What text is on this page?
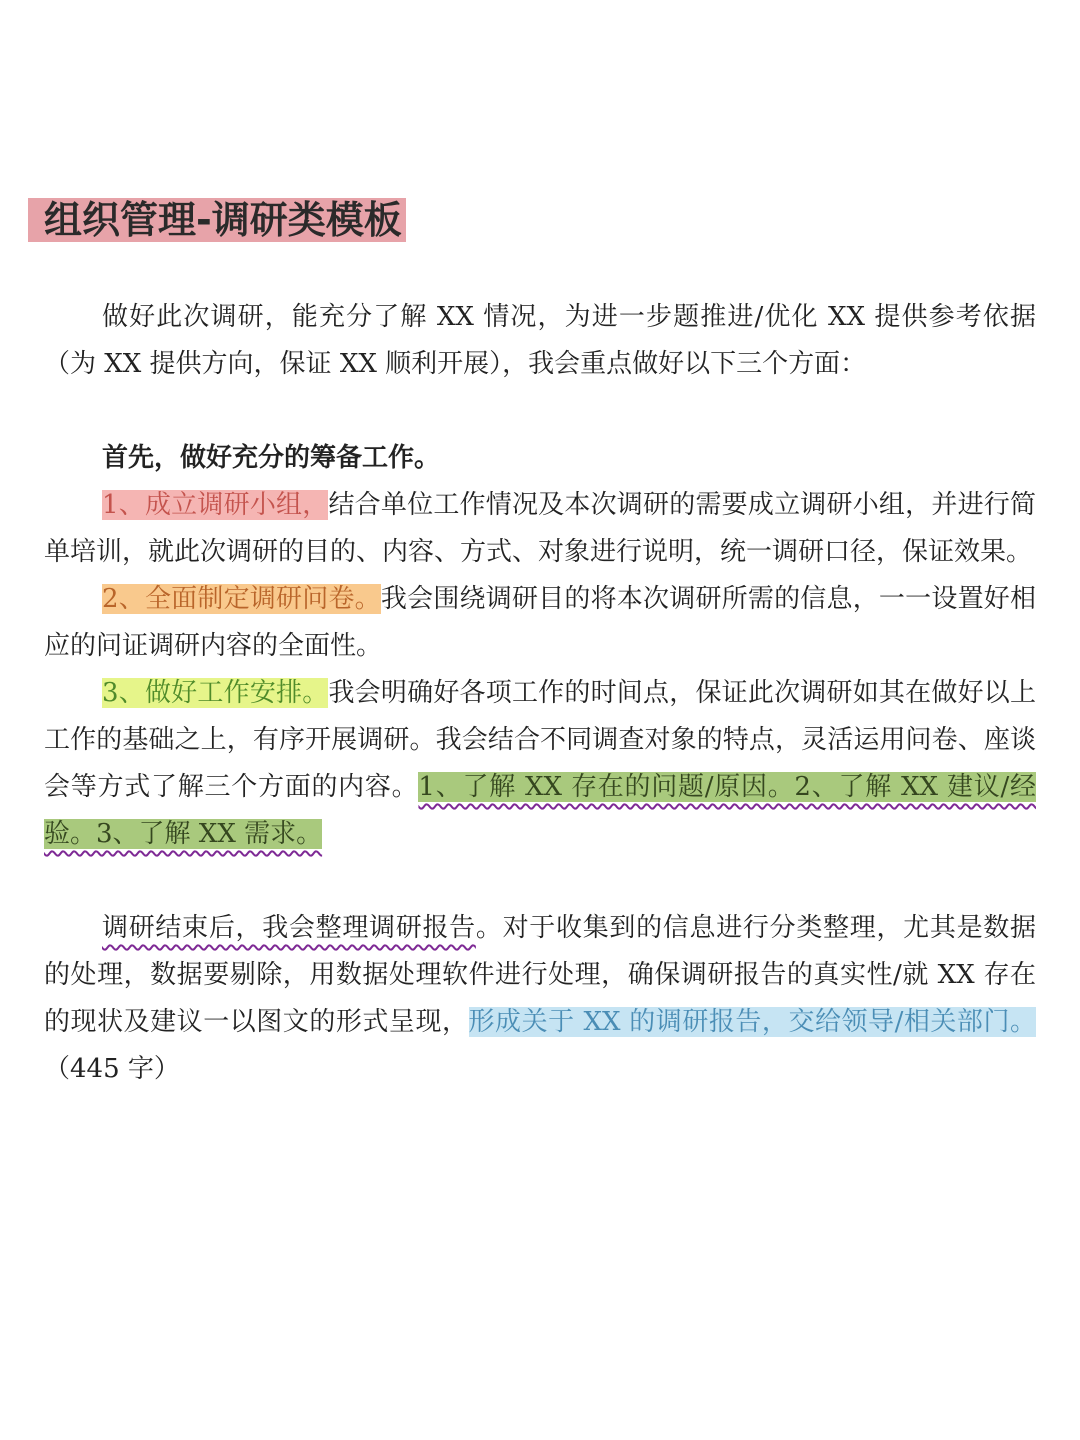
组织管理-调研类模板

做好此次调研，能充分了解 XX 情况，为进一步题推进/优化 XX 提供参考依据（为 XX 提供方向，保证 XX 顺利开展），我会重点做好以下三个方面：

首先，做好充分的筹备工作。

1、成立调研小组，结合单位工作情况及本次调研的需要成立调研小组，并进行简单培训，就此次调研的目的、内容、方式、对象进行说明，统一调研口径，保证效果。

2、全面制定调研问卷。我会围绕调研目的将本次调研所需的信息，一一设置好相应的问证调研内容的全面性。

3、做好工作安排。我会明确好各项工作的时间点，保证此次调研如其在做好以上工作的基础之上，有序开展调研。我会结合不同调查对象的特点，灵活运用问卷、座谈会等方式了解三个方面的内容。1、了解 XX 存在的问题/原因。2、了解 XX 建议/经验。3、了解 XX 需求。

调研结束后，我会整理调研报告。对于收集到的信息进行分类整理，尤其是数据的处理，数据要剔除，用数据处理软件进行处理，确保调研报告的真实性/就 XX 存在的现状及建议一以图文的形式呈现，形成关于 XX 的调研报告，交给领导/相关部门。（445 字）
